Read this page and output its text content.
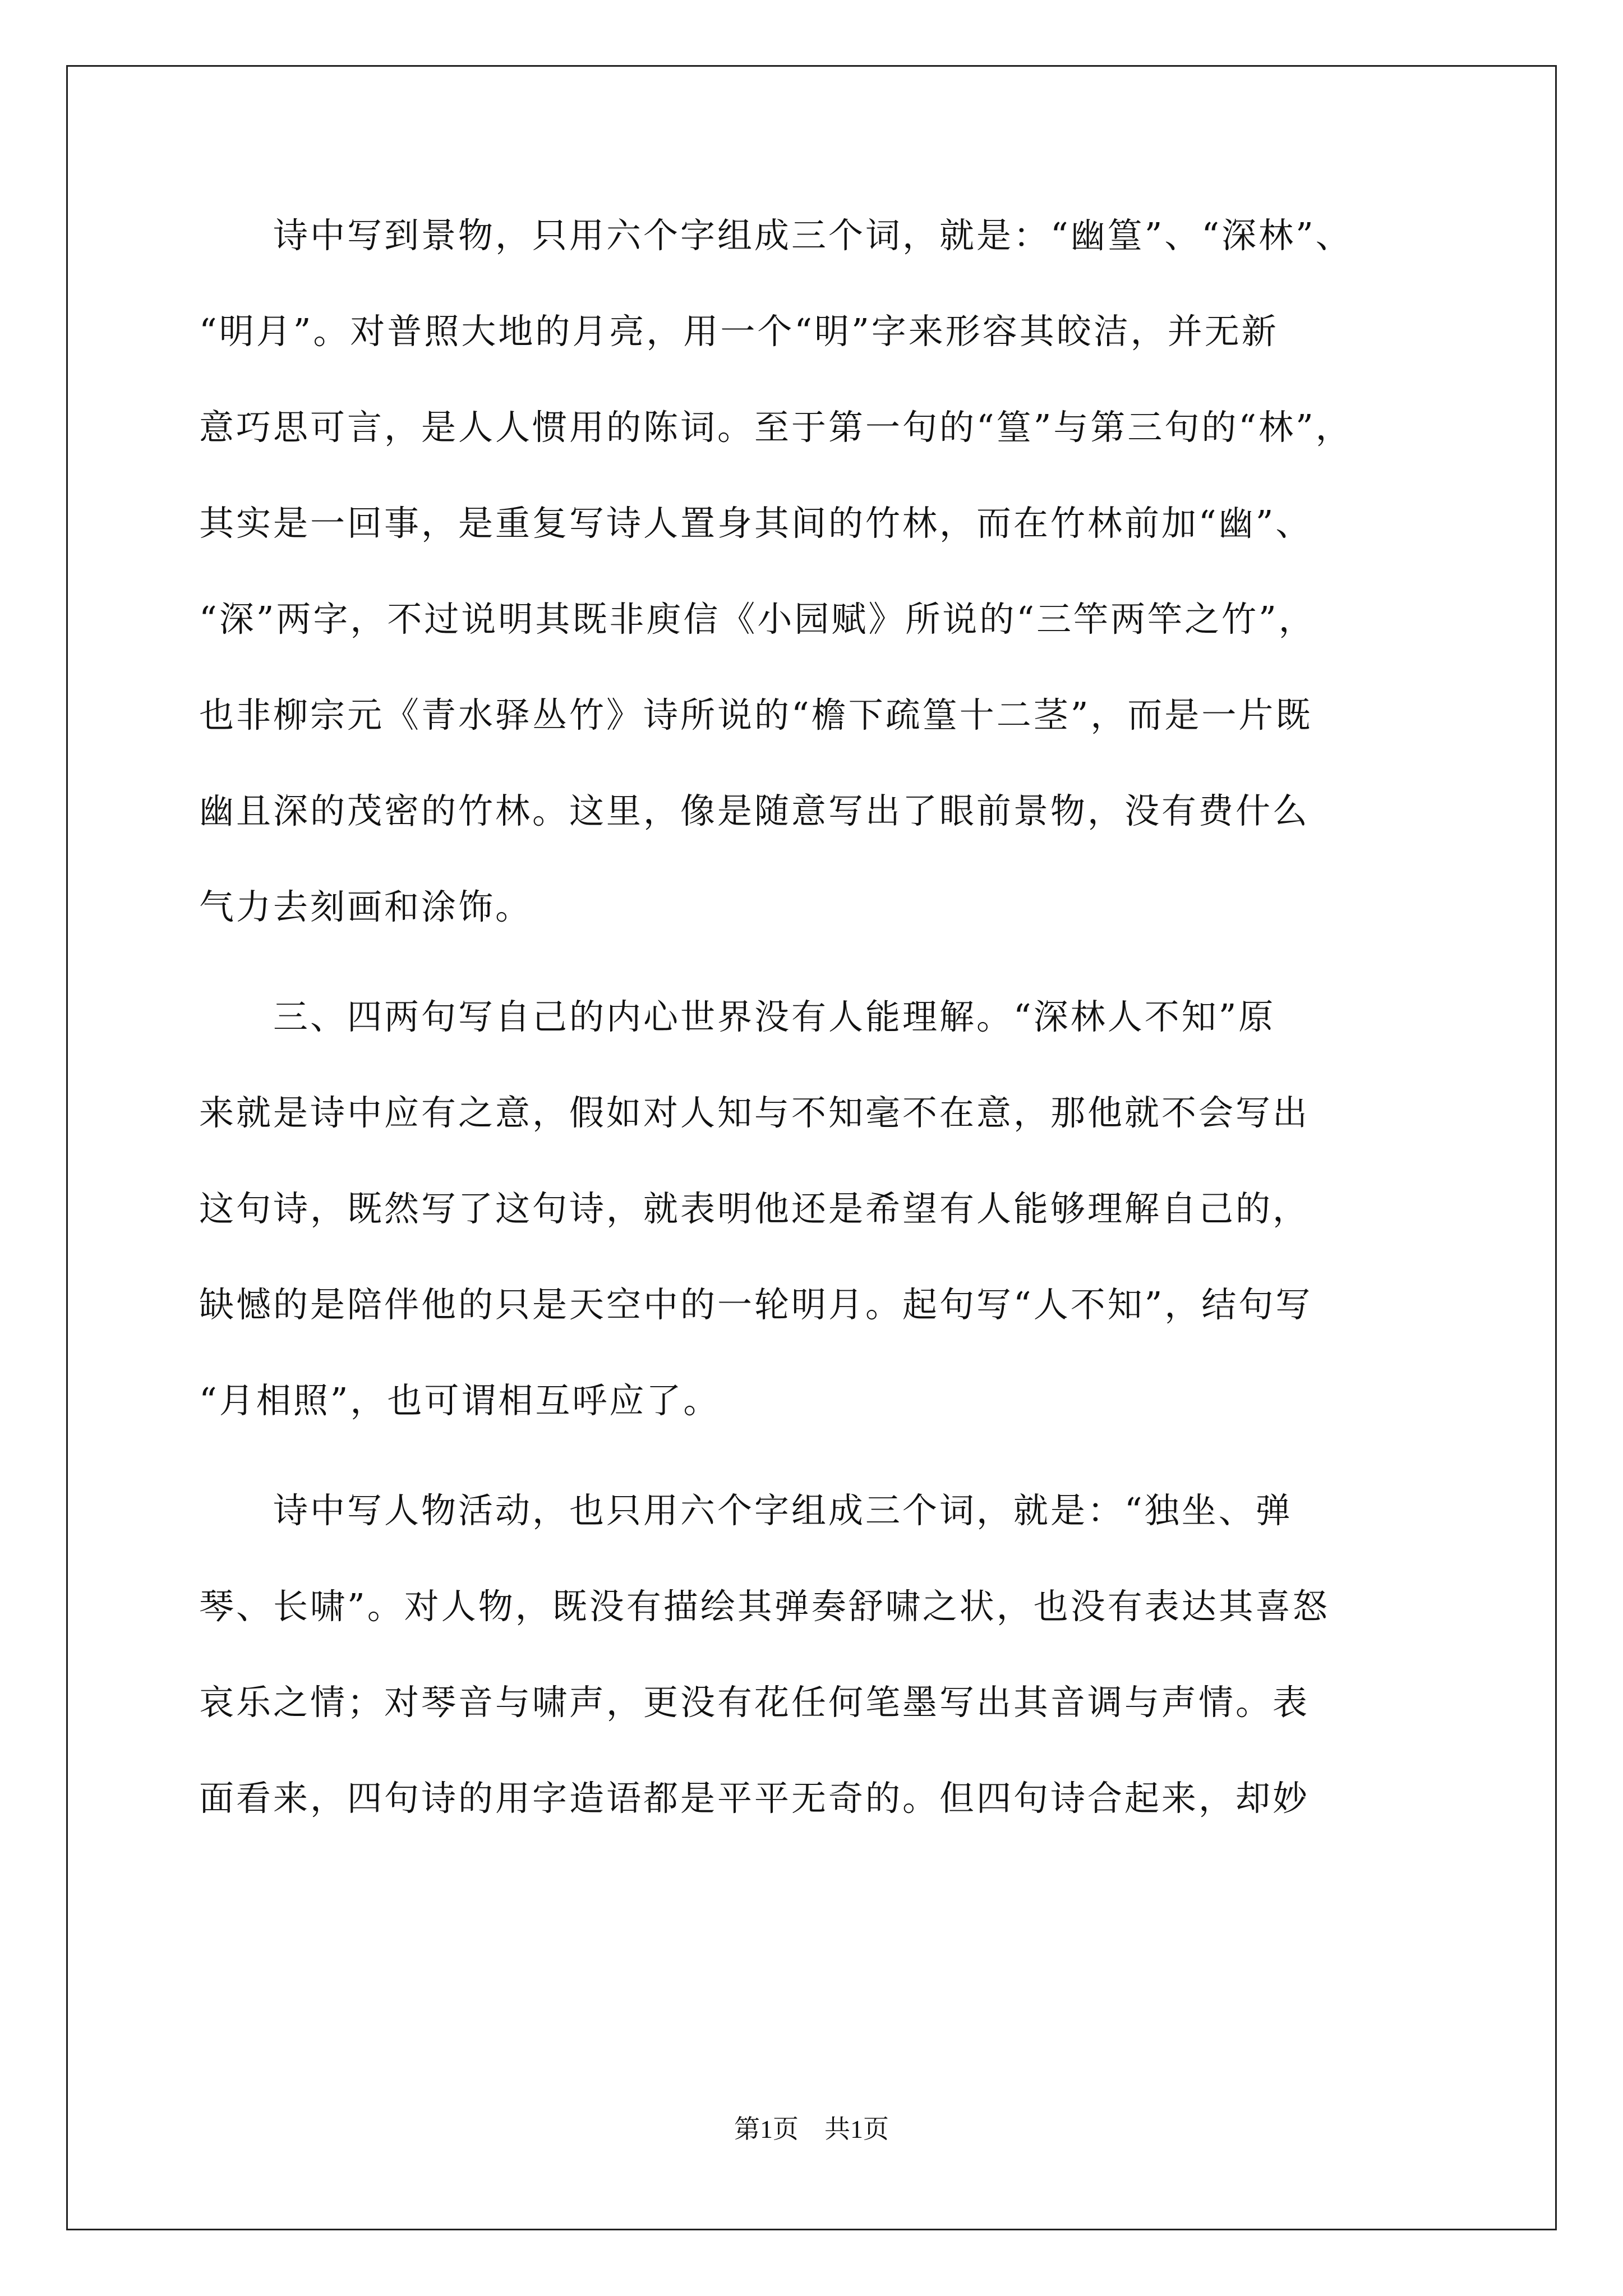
　　诗中写到景物，只用六个字组成三个词，就是：“幽篁”、“深林”、
“明月”。对普照大地的月亮，用一个“明”字来形容其皎洁，并无新
意巧思可言，是人人惯用的陈词。至于第一句的“篁”与第三句的“林”，
其实是一回事，是重复写诗人置身其间的竹林，而在竹林前加“幽”、
“深”两字，不过说明其既非庾信《小园赋》所说的“三竿两竿之竹”，
也非柳宗元《青水驿丛竹》诗所说的“檐下疏篁十二茎”，而是一片既
幽且深的茂密的竹林。这里，像是随意写出了眼前景物，没有费什么
气力去刻画和涂饰。
　　三、四两句写自己的内心世界没有人能理解。“深林人不知”原
来就是诗中应有之意，假如对人知与不知毫不在意，那他就不会写出
这句诗，既然写了这句诗，就表明他还是希望有人能够理解自己的，
缺憾的是陪伴他的只是天空中的一轮明月。起句写“人不知”，结句写
“月相照”，也可谓相互呼应了。
　　诗中写人物活动，也只用六个字组成三个词，就是：“独坐、弹
琴、长啸”。对人物，既没有描绘其弹奏舒啸之状，也没有表达其喜怒
哀乐之情；对琴音与啸声，更没有花任何笔墨写出其音调与声情。表
面看来，四句诗的用字造语都是平平无奇的。但四句诗合起来，却妙
第1页　共1页
